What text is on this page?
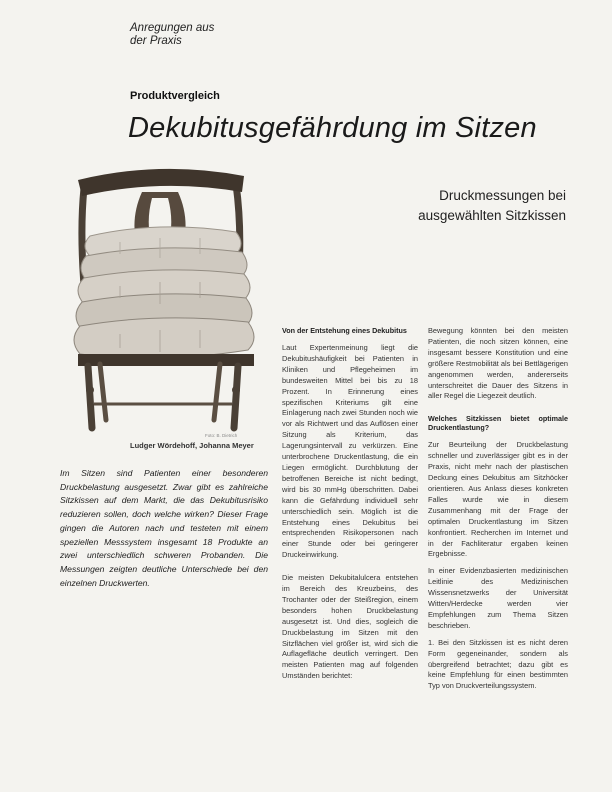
Anregungen aus
der Praxis
Produktvergleich
Dekubitusgefährdung im Sitzen
Druckmessungen bei
ausgewählten Sitzkissen
Foto: B. Dietrich
Ludger Wördehoff, Johanna Meyer
Im Sitzen sind Patienten einer besonderen Druckbelastung ausgesetzt. Zwar gibt es zahlreiche Sitzkissen auf dem Markt, die das Dekubitusrisiko reduzieren sollen, doch welche wirken? Dieser Frage gingen die Autoren nach und testeten mit einem speziellen Messsystem insgesamt 18 Produkte an zwei unterschiedlich schweren Probanden. Die Messungen zeigten deutliche Unterschiede bei den einzelnen Druckwerten.
Von der Entstehung eines Dekubitus

Laut Expertenmeinung liegt die Dekubitushäufigkeit bei Patienten in Kliniken und Pflegeheimen im bundesweiten Mittel bei bis zu 18 Prozent. In Erinnerung eines spezifischen Kriteriums gilt eine Einlagerung nach zwei Stunden noch wie vor als Richtwert und das Auflösen einer Sitzung als Kriterium, das Lagerungsintervall zu verkürzen. Eine unterbrochene Druckentlastung, die ein Liegen ermöglicht. Durchblutung der betroffenen Bereiche ist nicht bedingt, wird bis 30 mmHg überschritten. Dabei kann die Gefährdung individuell sehr unterschiedlich sein. Möglich ist die Entstehung eines Dekubitus bei entsprechenden Risikopersonen nach einer Stunde oder bei geringerer Druckeinwirkung.

Die meisten Dekubitalulcera entstehen im Bereich des Kreuzbeins, des Trochanter oder der Steißregion, einem besonders hohen Druckbelastung ausgesetzt ist. Und dies, sogleich die Druckbelastung im Sitzen mit den Sitzflächen viel größer ist, wird sich die Auflagefläche deutlich verringert. Den meisten Patienten mag auf folgenden Umständen berichtet:

Bewegung könnten bei den meisten Patienten, die noch sitzen können, eine insgesamt bessere Konstitution und eine größere Restmobilität als bei Bettlägerigen angenommen werden, andererseits unterschreitet die Dauer des Sitzens in aller Regel die Liegezeit deutlich.

Welches Sitzkissen bietet optimale Druckentlastung?

Zur Beurteilung der Druckbelastung schneller und zuverlässiger gibt es in der Praxis, nicht mehr nach der plastischen Deckung eines Dekubitus am Sitzhöcker orientieren. Aus Anlass dieses konkreten Falles wurde wie in diesem Zusammenhang mit der Frage der optimalen Druckentlastung im Sitzen konfrontiert. Recherchen im Internet und in der Fachliteratur ergaben keinen Ergebnisse.

In einer Evidenzbasierten medizinischen Leitlinie des Medizinischen Wissensnetzwerks der Universität Witten/Herdecke werden vier Empfehlungen zum Thema Sitzen beschrieben.

1. Bei den Sitzkissen ist es nicht deren Form gegeneinander, sondern als übergreifend betrachtet; dazu gibt es keine Empfehlung für einen bestimmten Typ von Druckverteilungssystem.
